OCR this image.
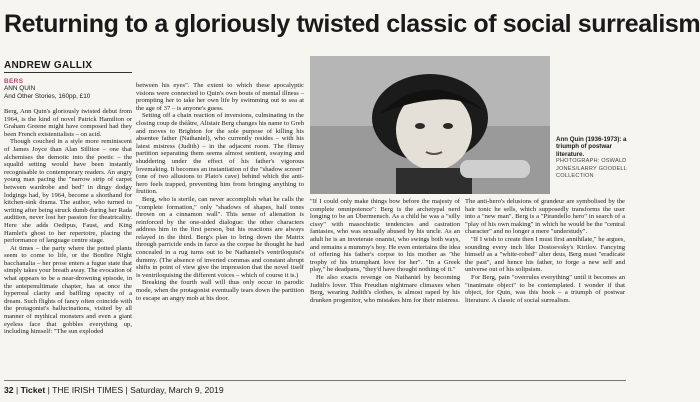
Returning to a gloriously twisted classic of social surrealism
ANDREW GALLIX
BERS
ANN QUIN
And Other Stories, 160pp, £10

Berg, Ann Quin's gloriously twisted debut from 1964, is the kind of novel Patrick Hamilton or Graham Greene might have composed had they been French existentialists – on acid.

Though couched in a style more reminiscent of James Joyce than Alan Sillitoe – one that alchemises the demotic into the poetic – the squalid setting would have been instantly recognisable to contemporary readers. An angry young man pacing the "narrow strip of carpet between wardrobe and bed" in dingy dodgy lodgings had, by 1964, become a shorthand for kitchen-sink drama. The author, who turned to writing after being struck dumb during her Rada audition, never lost her passion for theatricality. Here she adds Oedipus, Faust, and King Hamlet's ghost to her repertoire, placing the performance of language centre stage.

At times – the party where the potted plants seem to come to life, or the Bonfire Night bacchanalia – her prose enters a fugue state that simply takes your breath away. The evocation of what appears to be a near-drowning episode, in the antepenultimate chapter, has at once the hyperreal clarity and baffling opacity of a dream. Such flights of fancy often coincide with the protagonist's hallucinations, visited by all manner of mythical monsters and even a giant eyeless face that gobbles everything up, including himself: "The sun exploded

between his eyes". The extent to which these apocalyptic visions were connected to Quin's own bouts of mental illness – prompting her to take her own life by swimming out to sea at the age of 37 – is anyone's guess.

Setting off a chain reaction of inversions, culminating in the closing coup de théâtre, Alistair Berg changes his name to Greb and moves to Brighton for the sole purpose of killing his absentee father (Nathaniel), who currently resides – with his latest mistress (Judith) – in the adjacent room. The flimsy partition separating them seems almost sentient, swaying and shuddering under the effect of his father's vigorous lovemaking. It becomes an instantiation of the "shadow screen" (one of two allusions to Plato's cave) behind which the anti-hero feels trapped, preventing him from bringing anything to fruition.

Berg, who is sterile, can never accomplish what he calls the "complete formation," only "shadows of shapes, half tones thrown on a cinnamon wall". This sense of alienation is reinforced by the one-sided dialogue: the other characters address him in the first person, but his reactions are always relayed in the third. Berg's plan to bring down the Matrix through parricide ends in farce as the corpse he thought he had concealed in a rug turns out to be Nathaniel's ventriloquist's dummy. (The absence of inverted commas and constant abrupt shifts in point of view give the impression that the novel itself is ventriloquising the different voices – which of course it is.)

Breaking the fourth wall will thus only occur in parodic mode, when the protagonist eventually tears down the partition to escape an angry mob at his door.

Ann Quin (1936-1973): a triumph of postwar literature.
PHOTOGRAPH: OSWALD JONES/LARRY GOODELL COLLECTION

"If I could only make things bow before the majesty of complete omnipotence": Berg is the archetypal nerd longing to be an Übermensch. As a child he was a "silly cissy" with masochistic tendencies and castration fantasies, who was sexually abused by his uncle. As an adult he is an inveterate onanist, who swings both ways, and remains a mummy's boy. He even entertains the idea of offering his father's corpse to his mother as "the trophy of his triumphant love for her". "In a Greek play," he deadpans, "they'd have thought nothing of it."

He also exacts revenge on Nathaniel by becoming Judith's lover. This Freudian nightmare climaxes when Berg, wearing Judith's clothes, is almost raped by his drunken progenitor, who mistakes him for their mistress.

The anti-hero's delusions of grandeur are symbolised by the hair tonic he sells, which supposedly transforms the user into a "new man". Berg is a "Pirandello hero" in search of a "play of his own making" in which he would be the "central character" and no longer a mere "understudy".

"If I wish to create then I must first annihilate," he argues, sounding every inch like Dostoevsky's Kirilov. Fancying himself as a "white-robed" alter deus, Berg must "eradicate the past", and hence his father, to forge a new self and universe out of his solipsism.

For Berg, pain "overrules everything" until it becomes an "inanimate object" to be contemplated. I wonder if that object, for Quin, was this book – a triumph of postwar literature. A classic of social surrealism.

32 | Ticket | THE IRISH TIMES | Saturday, March 9, 2019
